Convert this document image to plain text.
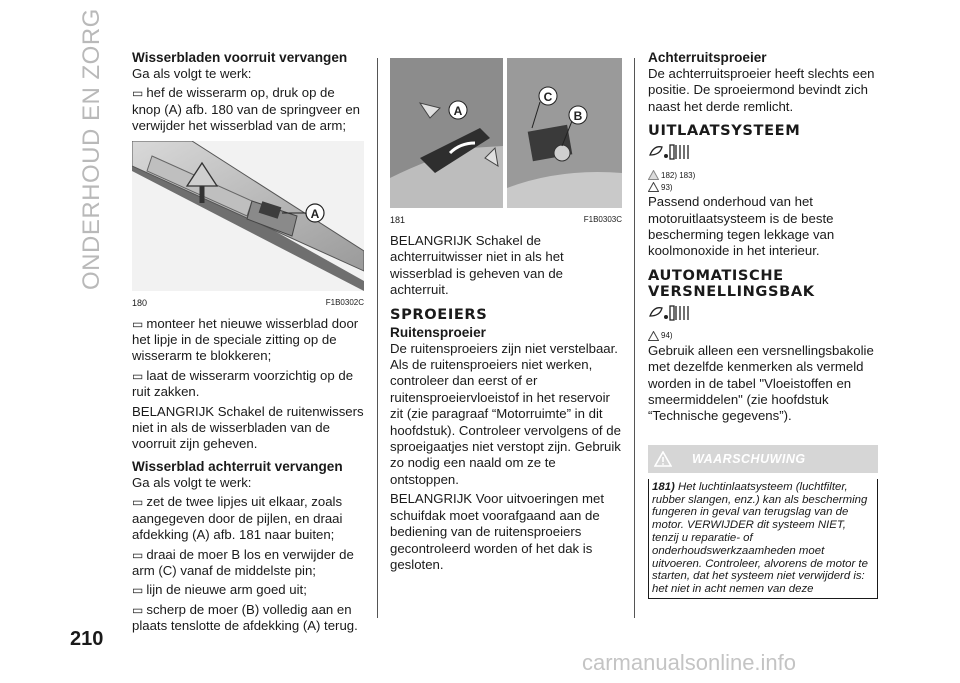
ONDERHOUD EN ZORG
210
carmanualsonline.info
Wisserbladen voorruit vervangen

Ga als volgt te werk:

▭ hef de wisserarm op, druk op de knop (A) afb. 180 van de springveer en verwijder het wisserblad van de arm;

A
180	F1B0302C

▭ monteer het nieuwe wisserblad door het lipje in de speciale zitting op de wisserarm te blokkeren;

▭ laat de wisserarm voorzichtig op de ruit zakken.

BELANGRIJK Schakel de ruitenwissers niet in als de wisserbladen van de voorruit zijn geheven.

Wisserblad achterruit vervangen

Ga als volgt te werk:

▭ zet de twee lipjes uit elkaar, zoals aangegeven door de pijlen, en draai afdekking (A) afb. 181 naar buiten;

▭ draai de moer B los en verwijder de arm (C) vanaf de middelste pin;

▭ lijn de nieuwe arm goed uit;

▭ scherp de moer (B) volledig aan en plaats tenslotte de afdekking (A) terug.

A
C
B
181	F1B0303C

BELANGRIJK Schakel de achterruitwisser niet in als het wisserblad is geheven van de achterruit.

SPROEIERS
Ruitensproeier

De ruitensproeiers zijn niet verstelbaar. Als de ruitensproeiers niet werken, controleer dan eerst of er ruitensproeiervloeistof in het reservoir zit (zie paragraaf “Motorruimte” in dit hoofdstuk). Controleer vervolgens of de sproeigaatjes niet verstopt zijn. Gebruik zo nodig een naald om ze te ontstoppen.

BELANGRIJK Voor uitvoeringen met schuifdak moet voorafgaand aan de bediening van de ruitensproeiers gecontroleerd worden of het dak is gesloten.

Achterruitsproeier

De achterruitsproeier heeft slechts een positie. De sproeiermond bevindt zich naast het derde remlicht.

UITLAATSYSTEEM
182) 183)
93)

Passend onderhoud van het motoruitlaatsysteem is de beste bescherming tegen lekkage van koolmonoxide in het interieur.

AUTOMATISCHE
VERSNELLINGSBAK
94)

Gebruik alleen een versnellingsbakolie met dezelfde kenmerken als vermeld worden in de tabel "Vloeistoffen en smeermiddelen" (zie hoofdstuk “Technische gegevens”).

WAARSCHUWING
181) Het luchtinlaatsysteem (luchtfilter, rubber slangen, enz.) kan als bescherming fungeren in geval van terugslag van de motor. VERWIJDER dit systeem NIET, tenzij u reparatie- of onderhoudswerkzaamheden moet uitvoeren. Controleer, alvorens de motor te starten, dat het systeem niet verwijderd is: het niet in acht nemen van deze
